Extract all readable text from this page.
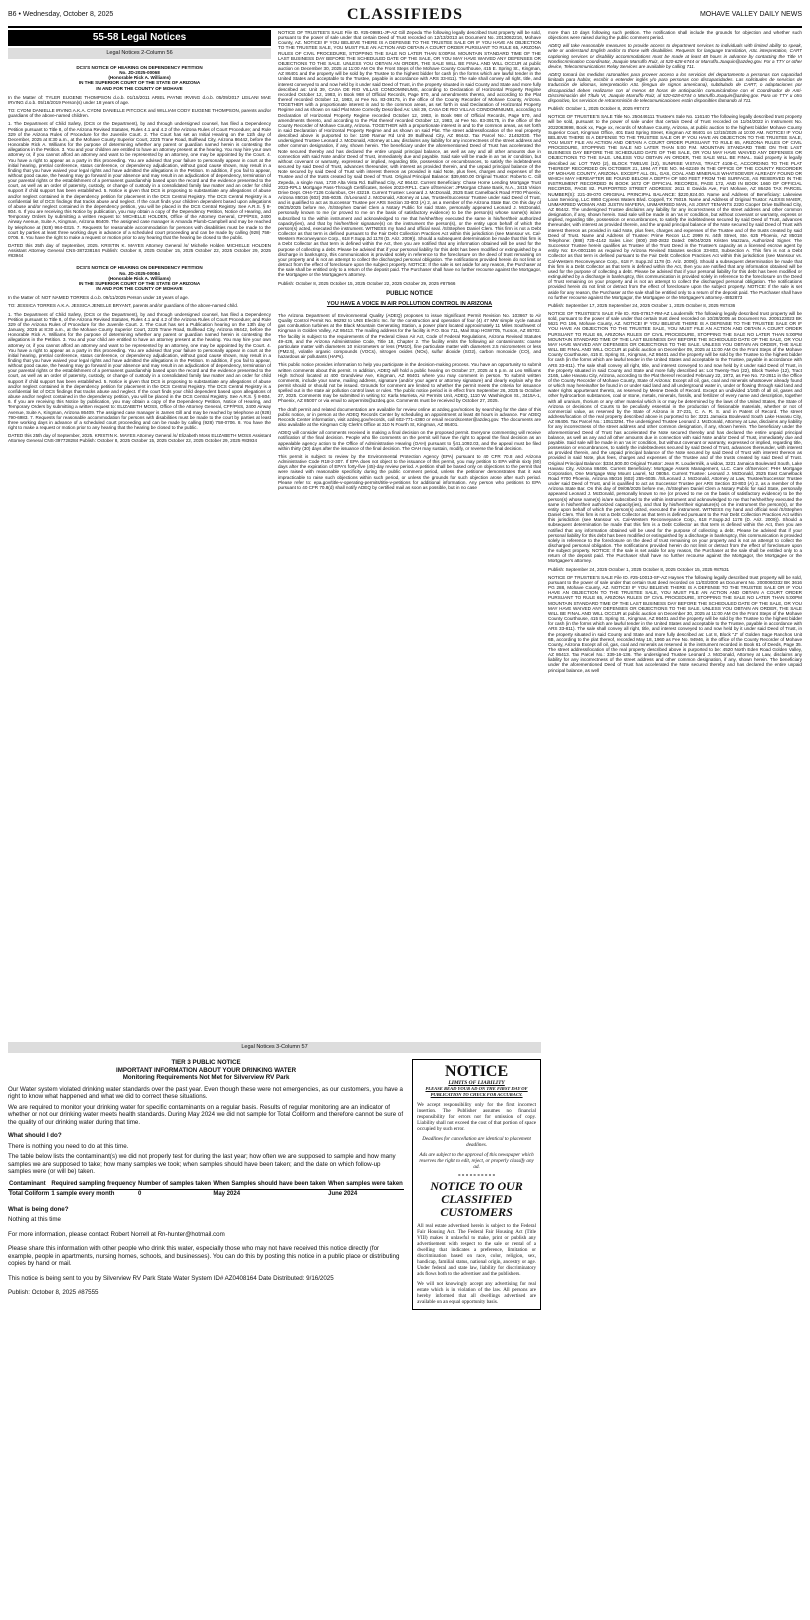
B6 • Wednesday, October 8, 2025	CLASSIFIEDS	MOHAVE VALLEY DAILY NEWS
55-58 Legal Notices
Legal Notices 2-Column 56
DCS'S NOTICE OF HEARING ON DEPENDENCY PETITION
No. JD-2025-00068
(Honorable Rick A. Williams)
IN THE SUPERIOR COURT OF THE STATE OF ARIZONA
IN AND FOR THE COUNTY OF MOHAVE

In the Matter of: TYLER EUGENE THOMPSON d.o.b. 01/15/2011 ARIEL PAYNE IRVING d.o.b. 05/09/2017 LEILANI MAE IRVING d.o.b. 05/16/2019 Person(s) under 18 years of age.

TO: CYDNI DANIELLE IRVING A.K.A. CYDNI DANIELLE PITCOCK and WILLIAM CODY EUGENE THOMPSON, parents and/or guardians of the above-named children.

1. The Department of Child Safety, (DCS or the Department), by and through undersigned counsel, has filed a Dependency Petition pursuant to Title 8, of the Arizona Revised Statutes, Rules 4.1 and 4.2 of the Arizona Rules of Court Procedure; and Rule 329 of the Arizona Rules of Procedure for the Juvenile Court. 2. The Court has set an Initial Hearing on the 11th day of December, 2025 at 8:30 a.m., at the Mohave County Superior Court, 2225 Trane Road, Bullhead City, Arizona 86442, before the Honorable Rick A. Williams for the purpose of determining whether any parent or guardian named herein is contesting the allegations in the Petition. 3. You and your children are entitled to have an attorney present at the hearing. You may hire your own attorney or, if you cannot afford an attorney and want to be represented by an attorney, one may be appointed by the Court. 4. You have a right to appear as a party in this proceeding. You are advised that your failure to personally appear in court at the initial hearing, pretrial conference, status conference, or dependency adjudication, without good cause shown, may result in a finding that you have waived your legal rights and have admitted the allegations in the Petition. In addition, if you fail to appear, without good cause, the hearing may go forward in your absence and may result in an adjudication of dependency, termination of your parental rights or the establishment of a permanent guardianship based upon the record and the evidence presented to the court, as well as an order of paternity, custody, or change of custody in a consolidated family law matter and an order for child support if child support has been established. 5. Notice is given that DCS is proposing to substantiate any allegations of abuse and/or neglect contained in the dependency petition for placement in the DCS Central Registry. The DCS Central Registry is a confidential list of DCS findings that tracks abuse and neglect. If the court finds your children dependent based upon allegations of abuse and/or neglect contained in the dependency petition, you will be placed in the DCS Central Registry. See A.R.S. § 8-804. 6. If you are receiving this Notice by publication, you may obtain a copy of the Dependency Petition, Notice of Hearing, and Temporary Orders by submitting a written request to: MICHELLE HOLDEN, Office of the Attorney General, CFP/PSS, 2400 Airway Avenue, Suite A, Kingman, Arizona 86409. The assigned case manager is Amanda Plumb-Campbell and may be reached by telephone at (928) 964-0315. 7. Requests for reasonable accommodation for persons with disabilities must be made to the court by parties at least three working days in advance of a scheduled court proceeding and can be made by calling (928) 758-0706. 8. You have the right to make a request or motion prior to any hearing that the hearing be closed to the public.

DATED this 25th day of September, 2025. KRISTIN K. MAYES Attorney General /s/ Michelle Holden MICHELLE HOLDEN Assistant Attorney General CNS-387238184 Publish: October 8, 2025 October 15, 2025 October 22, 2025 October 29, 2025 #83944

DCS'S NOTICE OF HEARING ON DEPENDENCY PETITION
No. JD-2025-00084
(Honorable Rick A. Williams)
IN THE SUPERIOR COURT OF THE STATE OF ARIZONA
IN AND FOR THE COUNTY OF MOHAVE

In the Matter of: NOT NAMED TORRES d.o.b. 09/11/2025 Person under 18 years of age.

TO: JESSICA TORRES A.K.A. JESSICA JENELLE BRYANT, parents and/or guardians of the above-named child.

1. The Department of Child Safety, (DCS or the Department), by and through undersigned counsel, has filed a Dependency Petition pursuant to Title 8, of the Arizona Revised Statutes, Rules 4.1 and 4.2 of the Arizona Rules of Court Procedure; and Rule 329 of the Arizona Rules of Procedure for the Juvenile Court. 2. The Court has set a Publication hearing on the 13th day of January, 2026 at 8:30 a.m., at the Mohave County Superior Court, 2225 Trane Road, Bullhead City, Arizona 86442, before the Honorable Rick A. Williams for the purpose of determining whether any parent or guardian named herein is contesting the allegations in the Petition. 3. You and your child are entitled to have an attorney present at the hearing. You may hire your own attorney or, if you cannot afford an attorney and want to be represented by an attorney, one may be appointed by the Court. 4. You have a right to appear as a party in this proceeding. You are advised that your failure to personally appear in court at the initial hearing, pretrial conference, status conference, or dependency adjudication, without good cause shown, may result in a finding that you have waived your legal rights and have admitted the allegations in the Petition. In addition, if you fail to appear, without good cause, the hearing may go forward in your absence and may result in an adjudication of dependency, termination of your parental rights or the establishment of a permanent guardianship based upon the record and the evidence presented to the court, as well as an order of paternity, custody, or change of custody in a consolidated family law matter and an order for child support if child support has been established. 5. Notice is given that DCS is proposing to substantiate any allegations of abuse and/or neglect contained in the dependency petition for placement in the DCS Central Registry. The DCS Central Registry is a confidential list of DCS findings that tracks abuse and neglect. If the court finds your child dependent based upon allegations of abuse and/or neglect contained in the dependency petition, you will be placed in the DCS Central Registry. See A.R.S. § 8-804. 6. If you are receiving this Notice by publication, you may obtain a copy of the Dependency Petition, Notice of Hearing, and Temporary Orders by submitting a written request to: ELIZABETH MOSS, Office of the Attorney General, CFP/PSS, 2400 Airway Avenue, Suite A, Kingman, Arizona 86409. The assigned case manager is James Gill and may be reached by telephone at (928) 790-6983. 7. Requests for reasonable accommodation for persons with disabilities must be made to the court by parties at least three working days in advance of a scheduled court proceeding and can be made by calling (928) 758-0706. 8. You have the right to make a request or motion prior to any hearing that the hearing be closed to the public.

DATED this 25th day of September, 2025. KRISTIN K. MAYES Attorney General /s/ Elizabeth Moss ELIZABETH MOSS Assistant Attorney General CNS-397728284 Publish: October 8, 2025 October 15, 2025 October 22, 2025 October 29, 2025 #83934

NOTICE OF TRUSTEE'S SALE File ID. #25-09891-JP-AZ Gill Zepeda The following legally described trust property will be sold, pursuant to the power of sale under that certain Deed of Trust recorded on 12/13/2013 as Document No. 2013062216, Mohave County, AZ. NOTICE! IF YOU BELIEVE THERE IS A DEFENSE TO THE TRUSTEE SALE OR IF YOU HAVE AN OBJECTION TO THE TRUSTEE SALE, YOU MUST FILE AN ACTION AND OBTAIN A COURT ORDER PURSUANT TO RULE 65, ARIZONA RULES OF CIVIL PROCEDURE, STOPPING THE SALE NO LATER THAN 5:00P.M. MOUNTAIN STANDARD TIME OF THE LAST BUSINESS DAY BEFORE THE SCHEDULED DATE OF THE SALE, OR YOU MAY HAVE WAIVED ANY DEFENSES OR OBJECTIONS TO THE SALE. UNLESS YOU OBTAIN AN ORDER, THE SALE WILL BE FINAL AND WILL OCCUR at public auction on December 30, 2025 at 11:00 AM On the Front Steps of the Mohave County Courthouse, 415 E. Spring St., Kingman, AZ 86401 and the property will be sold by the Trustee to the highest bidder for cash (in the forms which are lawful tender in the United States and acceptable to the Trustee, payable in accordance with ARS 33-811). The sale shall convey all right, title, and interest conveyed to and now held by it under said Deed of Trust, in the property situated in said County and State and more fully described as: Unit 39, CASA DE RIO VILLAS CONDOMINIUMS, according to Declaration of Horizontal Property Regime recorded October 12, 1983, in Book 968 of Official Records, Page 570, and amendments thereto, and according to the Plat thereof recorded October 12, 1983, at Fee No. 83-39175, in the office of the County Recorder of Mohave County, Arizona. TOGETHER with a proportionate interest in and to the common areas, as set forth in said Declaration of Horizontal Property Regime and as shown on said Plat More Correctly Described As: Unit 39, CASA DE RIO VILLAS CONDOMINIUMS, according to Declaration of Horizontal Property Regime recorded October 12, 1983, in Book 968 of Official Records, Page 570, and amendments thereto, and according to the Plat thereof recorded October 12, 1983, at Fee No. 83-39175, in the office of the County Recorder of Mohave County, Arizona. TOGETHER with a proportionate interest in and to the common areas, as set forth in said Declaration of Horizontal Property Regime and as shown on said Plat. The street address/location of the real property described above is purported to be: 1190 Ramar Rd Unit 39 Bullhead City, AZ 86442. Tax Parcel No.: 21452030. The undersigned Trustee Leonard J. McDonald, Attorney at Law, disclaims any liability for any incorrectness of the street address and other common designation, if any, shown herein. The beneficiary under the aforementioned Deed of Trust has accelerated the Note secured thereby and has declared the entire unpaid principal balance, as well as any and all other amounts due in connection with said Note and/or Deed of Trust, immediately due and payable. Said sale will be made in an 'as is' condition, but without covenant or warranty, expressed or implied, regarding title, possession or encumbrances, to satisfy the indebtedness secured by said Deed of Trust, advances thereunder, with interest as provided therein, and the unpaid principal balance of the Note secured by said Deed of Trust with interest thereon as provided in said Note, plus fees, charges and expenses of the Trustee and of the trusts created by said Deed of Trust. Original Principal Balance: $39,660.00 Original Trustor: Roberto C. Gill Zepeda, a single man, 1730 Alta Vista Rd. Bullhead City, AZ 86442. Current Beneficiary: Chase Home Lending Mortgage Trust 2023-RPL1 Mortgage Pass-Through Certificates, Series 2023-RPL1. Care of/Servicer: JPMorgan Chase Bank, N.A., 3415 Vision Drive Dept. OH4-7126 Columbus, OH 43219. Current Trustee: Leonard J. McDonald, 2525 East Camelback Road #700 Phoenix, Arizona 85016 (602) 255-6035. /S/Leonard J. McDonald, Attorney at Law, Trustee/Successor Trustee under said Deed of Trust, and is qualified to act as Successor Trustee per ARS Section 33-803 (A) 2, as a member of the Arizona State Bar. On this day of 09/25/2025 before me, /S/Stephen Daniel Clem a Notary Public for said State, personally appeared Leonard J. McDonald, personally known to me (or proved to me on the basis of satisfactory evidence) to be the person(s) whose name(s) is/are subscribed to the within instrument and acknowledged to me that he/she/they executed the same in his/her/their authorized capacity(ies), and that by his/her/their signature(s) on the instrument the person(s), or the entity upon behalf of which the person(s) acted, executed the instrument. WITNESS my hand and official seal. /S/Stephen Daniel Clem. This firm is not a Debt Collector as that term is defined pursuant to the Fair Debt Collection Practices Act within this jurisdiction (see Mansour vs. Cal-Western Reconveyance Corp., 618 F.Supp.2d 1178 (D. Ariz. 2009)). Should a subsequent determination be made that this firm is a Debt Collector as that term is defined within the Act, then you are notified that any information obtained will be used for the purpose of collecting a debt. Please be advised that if your personal liability for this debt has been modified or extinguished by a discharge in bankruptcy, this communication is provided solely in reference to the foreclosure on the deed of trust remaining on your property and is not an attempt to collect the discharged personal obligation. The notifications provided herein do not limit or detract from the effect of foreclosure upon the subject property. NOTICE: If the sale is set aside for any reason, the Purchaser at the sale shall be entitled only to a return of the deposit paid. The Purchaser shall have no further recourse against the Mortgagor, the Mortgagee or the Mortgagee's attorney.

Publish: October 8, 2025 October 15, 2025 October 22, 2025 October 29, 2025 #87566

PUBLIC NOTICE
YOU HAVE A VOICE IN AIR POLLUTION CONTROL IN ARIZONA

The Arizona Department of Environmental Quality (ADEQ) proposes to issue Significant Permit Revision No. 103667 to Air Quality Control Permit No. 96292 to UNS Electric Inc. for the construction and operation of four (4) 47 MW simple cycle natural gas combustion turbines at the Black Mountain Generating Station, a power plant located approximately 11 Miles Southwest of Kingman in Golden Valley, AZ 86413. The mailing address for the facility is P.O. Box 711, Mail Stop HGW705, Tucson, AZ 85702. The facility is subject to the requirements of the Federal Clean Air Act, Code of Federal Regulations, Arizona Revised Statutes 49-426, and the Arizona Administrative Code, Title 18, Chapter 2. The facility emits the following air contaminants: coarse particulate matter with diameters 10 micrometers or less (PM10), fine particulate matter with diameters 2.5 micrometers or less (PM2.5), volatile organic compounds (VOCs), nitrogen oxides (NOx), sulfur dioxide (SO2), carbon monoxide (CO), and hazardous air pollutants (HAPs).

This public notice provides information to help you participate in the decision-making process. You have an opportunity to submit written comments about this permit. In addition, ADEQ will hold a public hearing on October 27, 2025 at 5 p.m. at Leo Williams High School located at 400 Grandview Ave, Kingman, AZ 86401 where you may comment in person. To submit written comments, include your name, mailing address, signature (and/or your agent or attorney signature) and clearly explain why the permit should or should not be issued. Grounds for comment are limited to whether the permit meets the criteria for issuance spelled out in the state air pollution control laws or rules. The public notice period is in effect from September 26, 2025 to October 27, 2025. Comments may be submitted in writing to: Karla Murrieta, Air Permits Unit, ADEQ, 1110 W. Washington St., 3415A-1, Phoenix, AZ 85007 or via email to airpermits@azdeq.gov. Comments must be received by October 27, 2025.

The draft permit and related documentation are available for review online at azdeq.gov/notices by searching for the date of this public notice, or in person at the ADEQ Records Center by scheduling an appointment at least 48 hours in advance. For ADEQ Records Center information, visit azdeq.gov/records, call 602-771-4380 or email recordscenter@azdeq.gov. The documents are also available at the Kingman City Clerk's Office at 310 N Fourth St, Kingman, AZ 86401.

ADEQ will consider all comments received in making a final decision on the proposed permit. Everyone commenting will receive notification of the final decision. People who file comments on the permit will have the right to appeal the final decision as an appealable agency action to the Office of Administrative Hearing (OAH) pursuant to §41.1092.03, and the appeal must be filed within thirty (30) days after the issuance of the final decision. The OAH may sustain, modify, or reverse the final decision.

This permit is subject to review by the Environmental Protection Agency (EPA) pursuant to 40 CFR 70.8 and Arizona Administrative Code R18-2-307. If EPA does not object to the issuance of this permit, you may petition to EPA within sixty (60) days after the expiration of EPA's forty-five (45)-day review period. A petition shall be based only on objections to the permit that were raised with reasonable specificity during the public comment period, unless the petitioner demonstrates that it was impracticable to raise such objections within such period, or unless the grounds for such objection arose after such period. Please refer to: epa.gov/title-v-operating-permits/title-v-petitions for additional information. Any person who petitions to EPA pursuant to 40 CFR 70.8(d) shall notify ADEQ by certified mail as soon as possible, but in no case

more than 10 days following such petition. The notification shall include the grounds for objection and whether such objections were raised during the public comment period.

ADEQ will take reasonable measures to provide access to department services to individuals with limited ability to speak, write or understand English and/or to those with disabilities. Requests for language translation, ASL interpretation, CART captioning services or disability accommodations must be made at least 48 hours in advance by contacting the Title VI Nondiscrimination Coordinator, Joaquin Marruffo Ruiz, at 520-628-6744 or Marruffo.Joaquin@azdeq.gov. For a TTY or other device, Telecommunications Relay Services are available by calling 711.

ADEQ tomará las medidas razonables para proveer acceso a los servicios del departamento a personas con capacidad limitada para hablar, escribir o entender inglés y/o para personas con discapacidades. Las solicitudes de servicios de traducción de idiomas, interpretación ASL (lengua de signos americana), subtitulado de CART, o adaptaciones por discapacidad deben realizarse con al menos 48 horas de anticipación comunicándose con el Coordinador de Anti-Discriminación del Título VI, Joaquin Marruffo Ruiz, al 520-628-6744 o Marruffo.Joaquin@azdeq.gov. Para un TTY u otro dispositivo, los servicios de retransmisión de telecomunicaciones están disponibles llamando al 711.

Publish: October 1, 2025 October 8, 2025 #87472

NOTICE OF TRUSTEE'S SALE Title No. 250446111 Trustee's Sale No. 116140 The following legally described trust property will be sold, pursuant to the power of sale under that certain Deed of Trust recorded on 11/04/2022 in Instrument No. 2022063698, Book xx, Page xx, records of Mohave County, Arizona, at public auction to the highest bidder Mohave County Superior Court, Kingman Office, 401 East Spring Street, Kingman AZ 86401 on 12/15/2025 at 10:00 AM. NOTICE! IF YOU BELIEVE THERE IS A DEFENSE TO THE TRUSTEE SALE OR IF YOU HAVE AN OBJECTION TO THE TRUSTEE SALE, YOU MUST FILE AN ACTION AND OBTAIN A COURT ORDER PURSUANT TO RULE 65, ARIZONA RULES OF CIVIL PROCEDURE, STOPPING THE SALE NO LATER THAN 5:00 P.M. MOUNTAIN STANDARD TIME ON THE LAST BUSINESS DAY BEFORE THE SCHEDULED DATE OF THE SALE, OR YOU MAY HAVE WAIVED ANY DEFENSES OR OBJECTIONS TO THE SALE. UNLESS YOU OBTAIN AN ORDER, THE SALE WILL BE FINAL. Said property is legally described as: LOT TWO (2), BLOCK TWELVE (12), SUNRISE VISTAS, TRACT 4108-C, ACCORDING TO THE PLAT THEREOF RECORDED ON OCTOBER 21, 1994 AT FEE NO. 94-62249 IN THE OFFICE OF THE COUNTY RECORDER OF MOHAVE COUNTY, ARIZONA. EXCEPT ALL OIL, GAS, COAL AND MINERALS WHATSOEVER ALREADY FOUND OR WHICH MAY HEREAFTER BE FOUND BELOW A DEPTH OF 500 FEET FROM THE SURFACE, AS RESERVED IN THE INSTRUMENT RECORDED IN BOOK 1672 OF OFFICIAL RECORDS, PAGE 172, AND IN BOOK 1660 OF OFFICIAL RECORDS, PAGE 82. PURPORTED STREET ADDRESS: 2611 E Davida Ave, Fort Mohave, AZ 86426 TAX PARCEL NUMBER(S): 221-39-070 ORIGINAL PRINCIPAL BALANCE: $220,924.00. Name and Address of Beneficiary: Lakeview Loan Servicing, LLC 8950 Cypress Waters Blvd. Coppell, TX 75019. Name and Address of Original Trustor: ALEXIS MAIER, UNMARRIED WOMAN AND JUSTIN MAFERA, UNMARRIED MAN, AS JOINT TENANTS 2220 Cooper Drive Bullhead City, AZ 86442. The undersigned Trustee disclaims any liability for any incorrectness of the street address and other common designation, if any, shown herein. Said sale will be made in an 'as is' condition, but without covenant or warranty, express or implied, regarding title, possession or encumbrances, to satisfy the indebtedness secured by said Deed of Trust, advances thereunder, with interest as provided therein, and the unpaid principal balance of the Note secured by said Deed of Trust with interest thereon as provided in said Note, plus fees, charges and expenses of the Trustee and of the trusts created by said Deed of Trust. Name and Address of Trustee: Prime Recon LLC 2999 N. 44th Street, Ste. 625 Phoenix, AZ 85018 Telephone: (888) 725-4142 Sales Line: (800) 280-2832 Dated: 09/04/2025 Kristen Mazzara, Authorized Signer. The Successor Trustee herein qualifies as Trustee of the Trust Deed in the Trustee's capacity as a licensed escrow agent by entity No: EA-0001166 as required by Arizona Revised Statutes section 33-803, Subsection A. This firm is not a Debt Collector as that term is defined pursuant to the Fair Debt Collection Practices Act within this jurisdiction (see Mansour vs. Cal-Western Reconveyance Corp., 618 F. Supp.2d 1178 (D. Ariz. 2009)). Should a subsequent determination be made that this firm is a Debt Collector as that term is defined within the Act, then you are notified that any information obtained will be used for the purpose of collecting a debt. Please be advised that if your personal liability for this debt has been modified or extinguished by a discharge in bankruptcy, this communication is provided solely in reference to the foreclosure on the Deed of Trust remaining on your property and is not an attempt to collect the discharged personal obligation. The notifications provided herein do not limit or detract from the effect of foreclosure upon the subject property. NOTICE: If the sale is set aside for any reason, the Purchaser at the sale shall be entitled only to a return of the deposit paid. The Purchaser shall have no further recourse against the Mortgagor, the Mortgagee or the Mortgagee's attorney.-4852873

Publish: September 17, 2025 September 24, 2025 October 1, 2025 October 8, 2025 #87436

NOTICE OF TRUSTEE'S SALE File ID. #25-07917-RM-AZ Loudermilk The following legally described trust property will be sold, pursuant to the power of sale under that certain trust deed recorded on 10/28/2005 as Document No. 2005123023 BK 5621 PG 196, Mohave County, AZ. NOTICE! IF YOU BELIEVE THERE IS A DEFENSE TO THE TRUSTEE SALE OR IF YOU HAVE AN OBJECTION TO THE TRUSTEE SALE, YOU MUST FILE AN ACTION AND OBTAIN A COURT ORDER PURSUANT TO RULE 65, ARIZONA RULES OF CIVIL PROCEDURE, STOPPING THE SALE NO LATER THAN 5:00PM MOUNTAIN STANDARD TIME OF THE LAST BUSINESS DAY BEFORE THE SCHEDULED DATE OF THE SALE, OR YOU MAY HAVE WAIVED ANY DEFENSES OR OBJECTIONS TO THE SALE. UNLESS YOU OBTAIN AN ORDER, THE SALE WILL BE FINAL AND WILL OCCUR at public auction on December 09, 2025 at 11:00 AM On the Front Steps of the Mohave County Courthouse, 415 E. Spring St., Kingman, AZ 86401 and the property will be sold by the Trustee to the highest bidder for cash (in the forms which are lawful tender in the United States and acceptable to the Trustee, payable in accordance with ARS 33-811). The sale shall convey all right, title, and interest conveyed to and now held by it under said Deed of Trust, in the property situated in said County and State and more fully described as: Lot Twenty-Two (22), Block Twelve (12), Tract 2165, Lake Havasu City, Arizona, according to the Plat thereof recorded February 22, 1972, as Fee No. 72-2811 in the Office of the County Recorder of Mohave County, State of Arizona: Except all oil, gas, coal and minerals whatsoever already found or which may hereinafter be found in or under said land and all underground water in, under or flowing through said land and water rights appurtenant thereto, as reserved by Mesne Deeds of Record. Except an undivided 1/16th of all oil, gases and other hydrocarbon substances, coal or stone, metals, minerals, fossils, and fertilizer of every name and description, together with all uranium, thorium or any other material which is or may be determined by the laws of the United States, the State of Arizona or decisions of Courts to be peculiarly essential in the production of fissionable materials, whether or not of commercial value, as reserved by the State of Arizona in 37-231, C. A. R. S. and in Patent of Record. The street address/location of the real property described above is purported to be: 3221 Jamaica Boulevard South Lake Havasu City, AZ 86406. Tax Parcel No.: 10513294. The undersigned Trustee Leonard J. McDonald, Attorney at Law, disclaims any liability for any incorrectness of the street address and other common designation, if any, shown herein. The beneficiary under the aforementioned Deed of Trust has accelerated the Note secured thereby and has declared the entire unpaid principal balance, as well as any and all other amounts due in connection with said Note and/or Deed of Trust, immediately due and payable. Said sale will be made in an 'as is' condition, but without covenant or warranty, expressed or implied, regarding title, possession or encumbrances, to satisfy the indebtedness secured by said Deed of Trust, advances thereunder, with interest as provided therein, and the unpaid principal balance of the Note secured by said Deed of Trust with interest thereon as provided in said Note, plus fees, charges and expenses of the Trustee and of the trusts created by said Deed of Trust. Original Principal Balance: $334,500.00 Original Trustor: Jean R. Loudermilk, a widow, 3221 Jamaica Boulevard South, Lake Havasu City, Arizona 86406. Current Beneficiary: Mortgage Assets Management, LLC. Care of/Servicer: PHH Mortgage Corporation, One Mortgage Way Mount Laurel, NJ 08054. Current Trustee: Leonard J. McDonald, 2525 East Camelback Road #700 Phoenix, Arizona 85016 (602) 255-6035. /S/Leonard J. McDonald, Attorney at Law, Trustee/Successor Trustee under said Deed of Trust, and is qualified to act as Successor Trustee per ARS Section 33-803 (A) 2, as a member of the Arizona State Bar. On this day of 09/08/2025 before me, /S/Stephen Daniel Clem a Notary Public for said State, personally appeared Leonard J. McDonald, personally known to me (or proved to me on the basis of satisfactory evidence) to be the person(s) whose name(s) is/are subscribed to the within instrument and acknowledged to me that he/she/they executed the same in his/her/their authorized capacity(ies), and that by his/her/their signature(s) on the instrument the person(s), or the entity upon behalf of which the person(s) acted, executed the instrument. WITNESS my hand and official seal /S/Stephen Daniel Clem. This firm is not a Debt Collector as that term is defined pursuant to the Fair Debt Collection Practices Act within this jurisdiction (see Mansour vs. Cal-Western Reconveyance Corp., 618 F.Supp.2d 1178 (D. Ariz. 2009)). Should a subsequent determination be made that this firm is a Debt Collector as that term is defined within the Act, then you are notified that any information obtained will be used for the purpose of collecting a debt. Please be advised that if your personal liability for this debt has been modified or extinguished by a discharge in bankruptcy, this communication is provided solely in reference to the foreclosure on the deed of trust remaining on your property and is not an attempt to collect the discharged personal obligation. The notifications provided herein do not limit or detract from the effect of foreclosure upon the subject property. NOTICE: If the sale is set aside for any reason, the Purchaser at the sale shall be entitled only to a return of the deposit paid. The Purchaser shall have no further recourse against the Mortgagor, the Mortgagee or the Mortgagee's attorney.

Publish: September 24, 2025 October 1, 2025 October 8, 2025 October 15, 2025 #87531

NOTICE OF TRUSTEE'S SALE File ID. #25-10013-SF-AZ Haynes The following legally described trust property will be sold, pursuant to the power of sale under that certain trust deed recorded on 11/03/2000 as Document No. 2000060332 BK 3616 PG 288, Mohave County, AZ. NOTICE! IF YOU BELIEVE THERE IS A DEFENSE TO THE TRUSTEE SALE OR IF YOU HAVE AN OBJECTION TO THE TRUSTEE SALE, YOU MUST FILE AN ACTION AND OBTAIN A COURT ORDER PURSUANT TO RULE 65, ARIZONA RULES OF CIVIL PROCEDURE, STOPPING THE SALE NO LATER THAN 5:00PM MOUNTAIN STANDARD TIME OF THE LAST BUSINESS DAY BEFORE THE SCHEDULED DATE OF THE SALE, OR YOU MAY HAVE WAIVED ANY DEFENSES OR OBJECTIONS TO THE SALE. UNLESS YOU OBTAIN AN ORDER, THE SALE WILL BE FINAL AND WILL OCCUR at public auction on December 30, 2025 at 11:00 AM On the Front Steps of the Mohave County Courthouse, 415 E. Spring St., Kingman, AZ 86401 and the property will be sold by the Trustee to the highest bidder for cash (in the forms which are lawful tender in the United States and acceptable to the Trustee, payable in accordance with ARS 33-811). The sale shall convey all right, title, and interest conveyed to and now held by it under said Deed of Trust, in the property situated in said County and State and more fully described as: Lot 8, Block "J" of Golden Sage Ranchos Unit 6B, according to the plat thereof, recorded May 18, 1960 as Fee No. 94946, in the office of the County Recorder of Mohave County, Arizona Except all oil, gas, coal and minerals as reserved in the instrument recorded in Book 61 of Deeds, Page 35. The street address/location of the real property described above is purported to be: 4520 North Eden Road Golden Valley, AZ 86413. Tax Parcel No.: 339-16-136. The undersigned Trustee Leonard J. McDonald, Attorney at Law, disclaims any liability for any incorrectness of the street address and other common designation, if any, shown herein. The beneficiary under the aforementioned Deed of Trust has accelerated the Note secured thereby and has declared the entire unpaid principal balance, as well

Legal Notices 3-Column 57
TIER 3 PUBLIC NOTICE
IMPORTANT INFORMATION ABOUT YOUR DRINKING WATER
Monitoring Requirements Not Met for Silverview RV Park

Our Water system violated drinking water standards over the past year. Even though these were not emergencies, as our customers, you have a right to know what happened and what we did to correct these situations.

We are required to monitor your drinking water for specific contaminants on a regular basis. Results of regular monitoring are an indicator of whether or not our drinking water meets health standards. During May 2024 we did not sample for Total Coliform and therefore cannot be sure of the quality of our drinking water during that time.

What should I do?

There is nothing you need to do at this time.

The table below lists the contaminant(s) we did not properly test for during the last year; how often we are supposed to sample and how many samples we are supposed to take; how many samples we took; when samples should have been taken; and the date on which follow-up samples were (or will be) taken.

Contaminant	Required sampling frequency	Number of samples taken	When Samples should have been taken	When samples were taken
Total Coliform	1 sample every month	0	May 2024	June 2024

What is being done?

Nothing at this time

For more information, please contact Robert Norrell at Rn-hunter@hotmail.com

Please share this information with other people who drink this water, especially those who may not have received this notice directly (for example, people in apartments, nursing homes, schools, and businesses). You can do this by posting this notice in a public place or distributing copies by hand or mail.

This notice is being sent to you by Silverview RV Park State Water System ID# AZ0408164 Date Distributed: 9/16/2025

Publish: October 8, 2025 #87555

NOTICE
LIMITS OF LIABILITY
PLEASE READ YOUR AD ON THE FIRST DAY OF PUBLICATION TO CHECK FOR ACCURACY.
We accept responsibility only for the first incorrect insertion. The Publisher assumes no financial responsibility for errors nor for omission of copy. Liability shall not exceed the cost of that portion of space occupied by such error.
Deadlines for cancellation are identical to placement deadlines.
Ads are subject to the approval of this newspaper which reserves the right to edit, reject, or properly classify any ad.
» » » » » « « « « «
NOTICE TO OUR CLASSIFIED CUSTOMERS
All real estate advertised herein is subject to the Federal Fair Housing Act. The Federal Fair Housing Act (Title VIII) makes it unlawful to make, print or publish any advertisement with respect to the sale or rental of a dwelling that indicates a preference, limitation or discrimination based on race, color, religion, sex, handicap, familial status, national origin, ancestry or age. Under federal and state law, liability for discriminatory ads flows both to the advertiser and the publishers.
We will not knowingly accept any advertising for real estate which is in violation of the law. All persons are hereby informed that all dwellings advertised are available on an equal opportunity basis.
